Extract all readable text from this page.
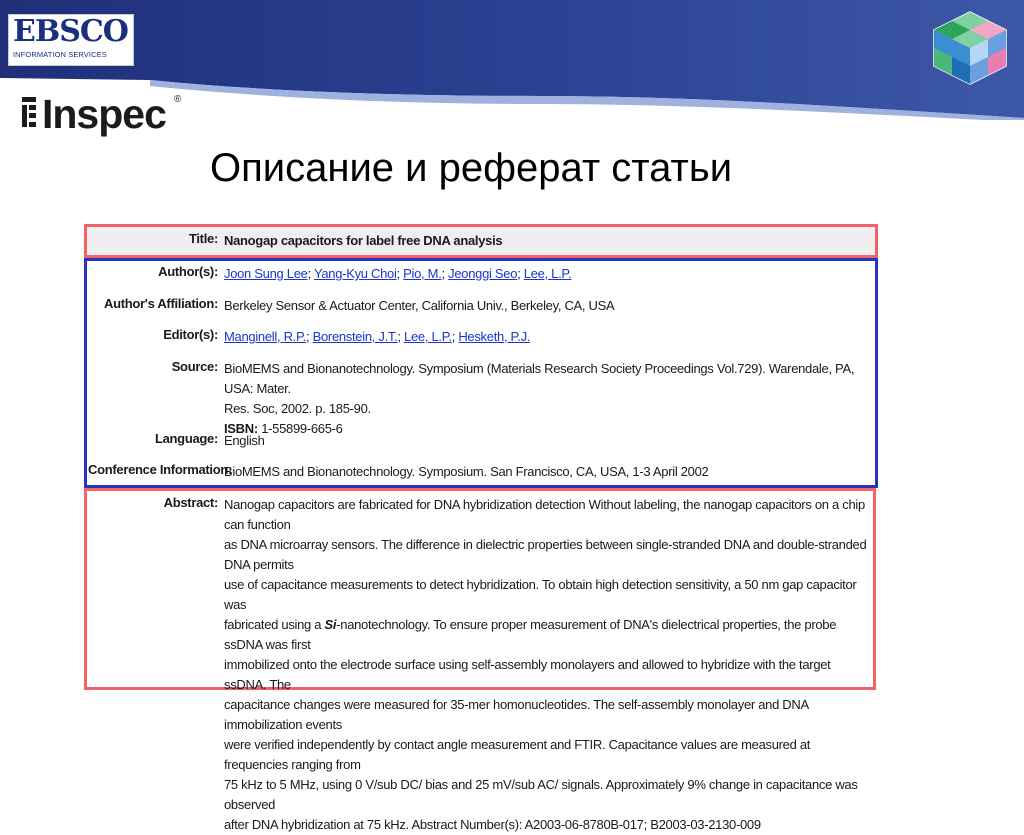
EBSCO
INFORMATION SERVICES
Inspec ®
Описание и реферат статьи
Title: Nanogap capacitors for label free DNA analysis
Author(s): Joon Sung Lee; Yang-Kyu Choi; Pio, M.; Jeonggi Seo; Lee, L.P.
Author's Affiliation: Berkeley Sensor & Actuator Center, California Univ., Berkeley, CA, USA
Editor(s): Manginell, R.P.; Borenstein, J.T.; Lee, L.P.; Hesketh, P.J.
Source: BioMEMS and Bionanotechnology. Symposium (Materials Research Society Proceedings Vol.729). Warendale, PA, USA: Mater.
Res. Soc, 2002. p. 185-90.
ISBN: 1-55899-665-6
Language: English
Conference Information:
BioMEMS and Bionanotechnology. Symposium. San Francisco, CA, USA, 1-3 April 2002
Abstract: Nanogap capacitors are fabricated for DNA hybridization detection Without labeling, the nanogap capacitors on a chip can function
as DNA microarray sensors. The difference in dielectric properties between single-stranded DNA and double-stranded DNA permits
use of capacitance measurements to detect hybridization. To obtain high detection sensitivity, a 50 nm gap capacitor was
fabricated using a Si-nanotechnology. To ensure proper measurement of DNA's dielectrical properties, the probe ssDNA was first
immobilized onto the electrode surface using self-assembly monolayers and allowed to hybridize with the target ssDNA. The
capacitance changes were measured for 35-mer homonucleotides. The self-assembly monolayer and DNA immobilization events
were verified independently by contact angle measurement and FTIR. Capacitance values are measured at frequencies ranging from
75 kHz to 5 MHz, using 0 V/sub DC/ bias and 25 mV/sub AC/ signals. Approximately 9% change in capacitance was observed
after DNA hybridization at 75 kHz. Abstract Number(s): A2003-06-8780B-017; B2003-03-2130-009
